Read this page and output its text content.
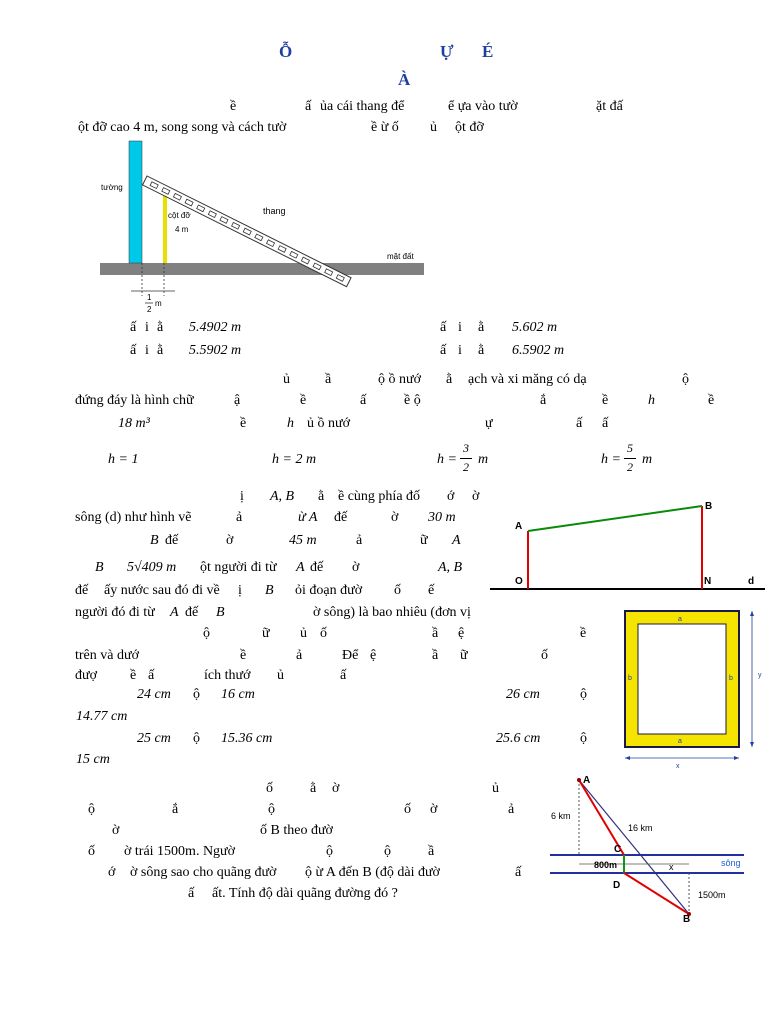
Ỗ	Ự É
À
ề	ấ ủa cái thang để	ể ựa vào tườ	ặt đấ
ột đỡ cao 4 m, song song và cách tườ	ề ừ ố ủ ột đỡ
tường
cột đỡ
4 m
thang
mặt đất
1
2
m
ấ i ằ 5.4902 m	ấ i ằ 5.602 m
ấ i ằ 5.5902 m	ấ i ằ 6.5902 m
ủ	ầ	ộ ồ nướ ằ ạch và xi măng có dạ	ộ
đứng đáy là hình chữ	ậ	ề	ấ	ề ộ	ắ	ề	h	ề
18 m³	ề	h ủ ồ nướ	ự	ấ ấ
h = 1	h = 2 m	h =
3
2 m	h =
5
2 m
ị A, B ằ ề cùng phía đố ớ ờ
sông (d) như hình vẽ	ả	ừ A đế	ờ 30 m
B đế	ờ	45 m	ả	ữ A
B 5√409 m ột người đi từ A đế ờ	A, B
đế ấy nước sau đó đi về ị B ỏi đoạn đườ ố ế
người đó đi từ A đế B	ờ sông) là bao nhiêu (đơn vị
A
B
O	N	d
ộ	ữ ủ ố	ầ ệ	ề
trên và dướ	ề	ả	Để ệ	ầ ữ	ố
đượ ề ấ	ích thướ ủ	ấ
24 cm ộ 16 cm	26 cm	ộ
14.77 cm
25 cm ộ 15.36 cm	25.6 cm	ộ
15 cm
a
a
b	b
x
y
ố	ằ ờ	ủ
ộ	ắ	ộ	ố ờ	ả
ờ	ố B theo đườ
ố ờ trái 1500m. Ngườ	ộ	ộ	ầ
ớ ờ sông sao cho quãng đườ ộ ừ A đến B (độ dài đườ	ấ
ấ ất. Tính độ dài quãng đường đó ?
A
B
C
D
6 km
16 km
800m	x	sông
1500m
